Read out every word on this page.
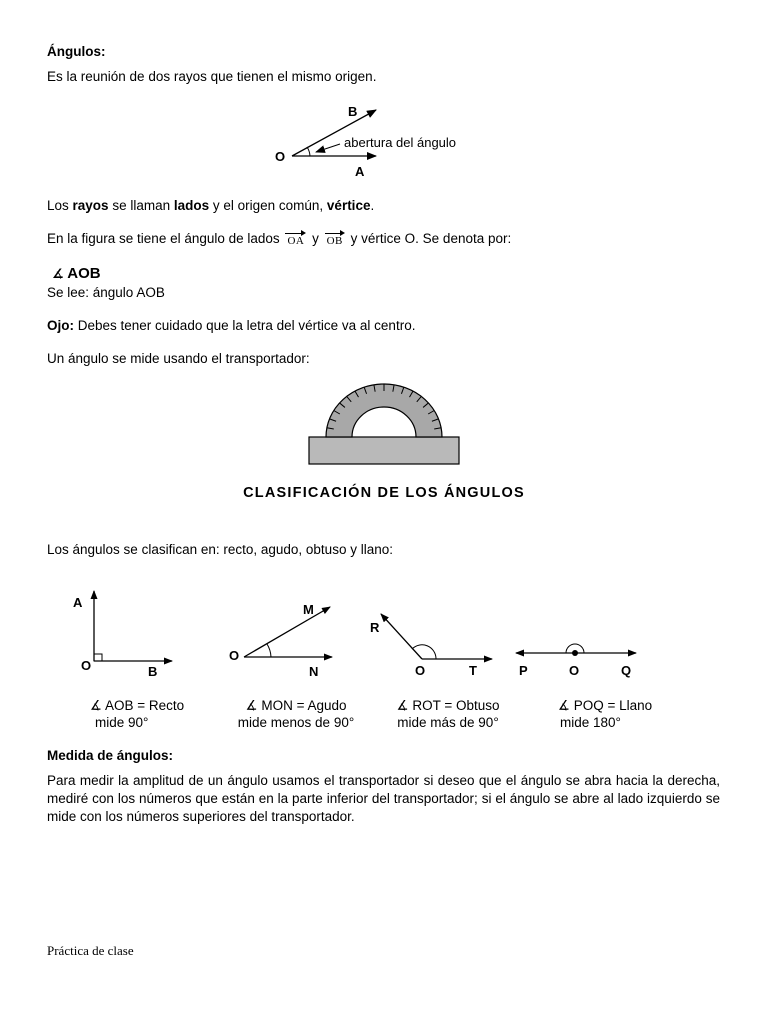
Ángulos:
Es la reunión de dos rayos que tienen el mismo origen.
B
O
A
abertura del ángulo
Los rayos se llaman lados y el origen común, vértice.
En la figura se tiene el ángulo de lados OA y OB y vértice O. Se denota por:
∡ AOB
Se lee: ángulo AOB
Ojo: Debes tener cuidado que la letra del vértice va al centro.
Un ángulo se mide usando el transportador:
CLASIFICACIÓN DE LOS ÁNGULOS
Los ángulos se clasifican en: recto, agudo, obtuso y llano:
A
O	B
M
O
N
R
O	T	P	O	Q
∡ AOB = Recto
mide 90°
∡ MON = Agudo
mide menos de 90°
∡ ROT = Obtuso
mide más de 90°
∡ POQ = Llano
mide 180°
Medida de ángulos:
Para medir la amplitud de un ángulo usamos el transportador si deseo que el ángulo se abra hacia la derecha, mediré con los números que están en la parte inferior del transportador; si el ángulo se abre al lado izquierdo se mide con los números superiores del transportador.
Práctica de clase
